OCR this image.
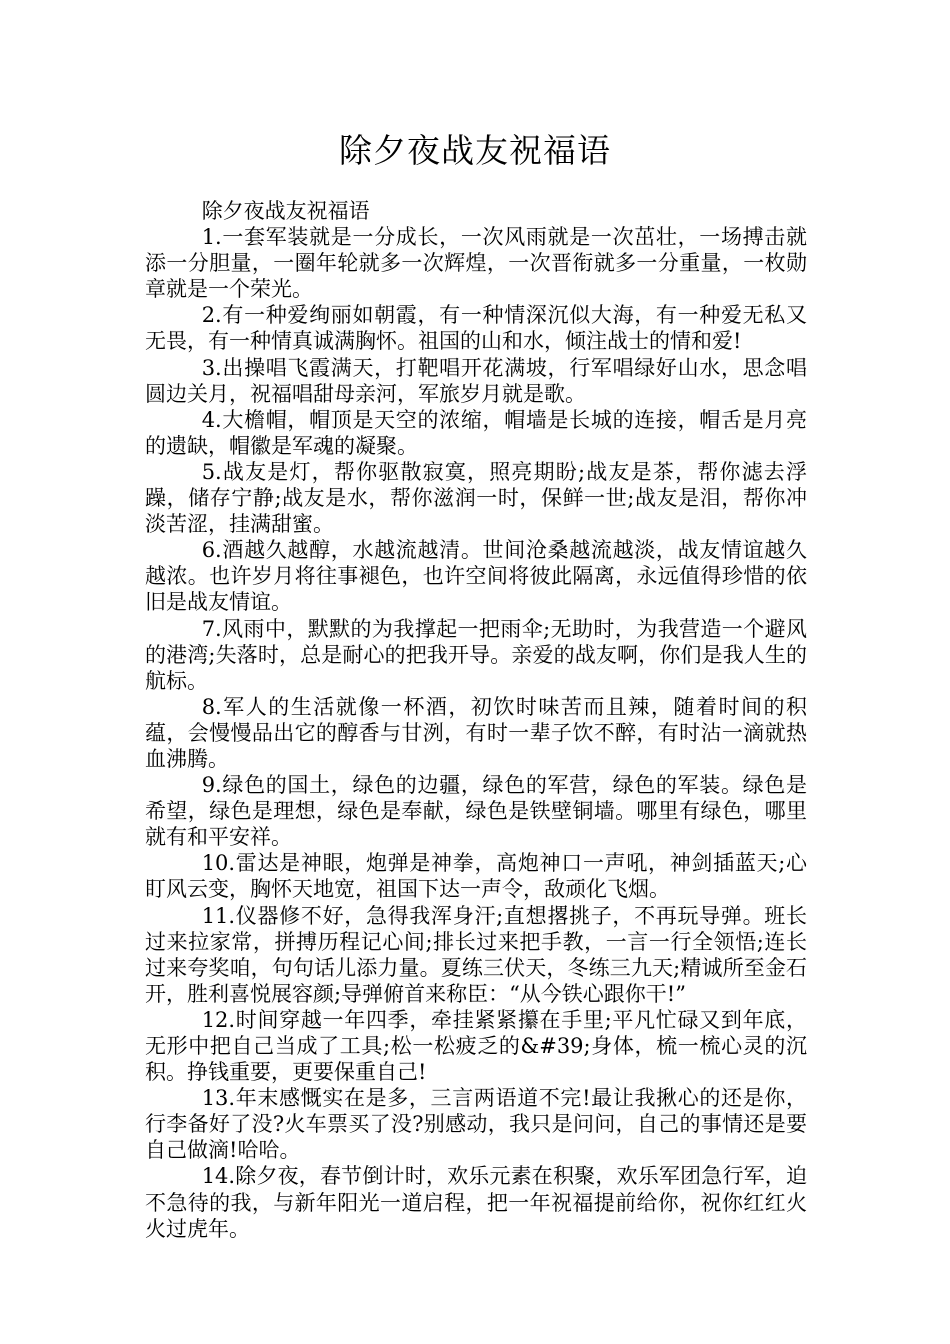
除夕夜战友祝福语

除夕夜战友祝福语

1.一套军装就是一分成长，一次风雨就是一次茁壮，一场搏击就添一分胆量，一圈年轮就多一次辉煌，一次晋衔就多一分重量，一枚勋章就是一个荣光。

2.有一种爱绚丽如朝霞，有一种情深沉似大海，有一种爱无私又无畏，有一种情真诚满胸怀。祖国的山和水，倾注战士的情和爱!

3.出操唱飞霞满天，打靶唱开花满坡，行军唱绿好山水，思念唱圆边关月，祝福唱甜母亲河，军旅岁月就是歌。

4.大檐帽，帽顶是天空的浓缩，帽墙是长城的连接，帽舌是月亮的遗缺，帽徽是军魂的凝聚。

5.战友是灯，帮你驱散寂寞，照亮期盼;战友是茶，帮你滤去浮躁，储存宁静;战友是水，帮你滋润一时，保鲜一世;战友是泪，帮你冲淡苦涩，挂满甜蜜。

6.酒越久越醇，水越流越清。世间沧桑越流越淡，战友情谊越久越浓。也许岁月将往事褪色，也许空间将彼此隔离，永远值得珍惜的依旧是战友情谊。

7.风雨中，默默的为我撑起一把雨伞;无助时，为我营造一个避风的港湾;失落时，总是耐心的把我开导。亲爱的战友啊，你们是我人生的航标。

8.军人的生活就像一杯酒，初饮时味苦而且辣，随着时间的积蕴，会慢慢品出它的醇香与甘洌，有时一辈子饮不醉，有时沾一滴就热血沸腾。

9.绿色的国土，绿色的边疆，绿色的军营，绿色的军装。绿色是希望，绿色是理想，绿色是奉献，绿色是铁壁铜墙。哪里有绿色，哪里就有和平安祥。

10.雷达是神眼，炮弹是神拳，高炮神口一声吼，神剑插蓝天;心盯风云变，胸怀天地宽，祖国下达一声令，敌顽化飞烟。

11.仪器修不好，急得我浑身汗;直想撂挑子，不再玩导弹。班长过来拉家常，拼搏历程记心间;排长过来把手教，一言一行全领悟;连长过来夸奖咱，句句话儿添力量。夏练三伏天，冬练三九天;精诚所至金石开，胜利喜悦展容颜;导弹俯首来称臣：“从今铁心跟你干!”

12.时间穿越一年四季，牵挂紧紧攥在手里;平凡忙碌又到年底，无形中把自己当成了工具;松一松疲乏的&#39;身体，梳一梳心灵的沉积。挣钱重要，更要保重自己!

13.年末感慨实在是多，三言两语道不完!最让我揪心的还是你，行李备好了没?火车票买了没?别感动，我只是问问，自己的事情还是要自己做滴!哈哈。

14.除夕夜，春节倒计时，欢乐元素在积聚，欢乐军团急行军，迫不急待的我，与新年阳光一道启程，把一年祝福提前给你，祝你红红火火过虎年。
